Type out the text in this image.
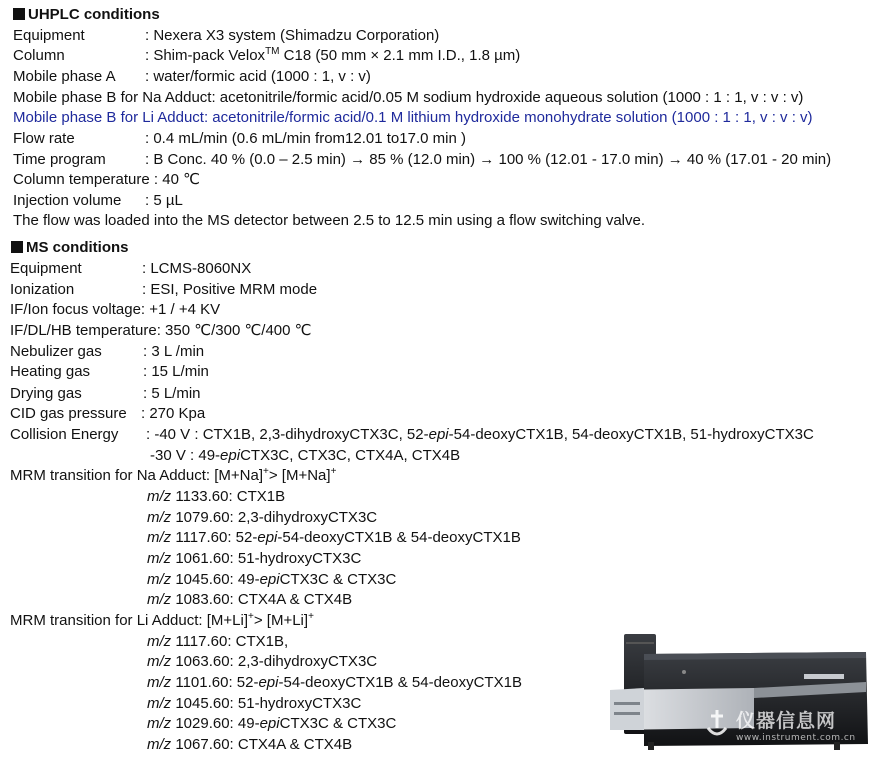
UHPLC conditions
Equipment	: Nexera X3 system (Shimadzu Corporation)
Column	: Shim-pack Velox™ C18 (50 mm × 2.1 mm I.D., 1.8 µm)
Mobile phase A : water/formic acid (1000 : 1, v : v)
Mobile phase B for Na Adduct: acetonitrile/formic acid/0.05 M sodium hydroxide aqueous solution (1000 : 1 : 1, v : v : v)
Mobile phase B for Li Adduct: acetonitrile/formic acid/0.1 M lithium hydroxide monohydrate solution (1000 : 1 : 1, v : v : v)
Flow rate	: 0.4 mL/min (0.6 mL/min from12.01 to17.0 min )
Time program	: B Conc. 40 % (0.0 – 2.5 min) → 85 % (12.0 min) → 100 % (12.01 - 17.0 min) → 40 % (17.01 - 20 min)
Column temperature : 40 ℃
Injection volume : 5 µL
The flow was loaded into the MS detector between 2.5 to 12.5 min using a flow switching valve.
MS conditions
Equipment	: LCMS-8060NX
Ionization	: ESI, Positive MRM mode
IF/Ion focus voltage: +1 / +4 KV
IF/DL/HB temperature: 350 ℃/300 ℃/400 ℃
Nebulizer gas	: 3 L /min
Heating gas	: 15 L/min
Drying gas	: 5 L/min
CID gas pressure : 270 Kpa
Collision Energy : -40 V : CTX1B, 2,3-dihydroxyCTX3C, 52-epi-54-deoxyCTX1B, 54-deoxyCTX1B, 51-hydroxyCTX3C
-30 V : 49-epiCTX3C, CTX3C, CTX4A, CTX4B
MRM transition for Na Adduct: [M+Na]+> [M+Na]+
m/z 1133.60: CTX1B
m/z 1079.60: 2,3-dihydroxyCTX3C
m/z 1117.60: 52-epi-54-deoxyCTX1B & 54-deoxyCTX1B
m/z 1061.60: 51-hydroxyCTX3C
m/z 1045.60: 49-epiCTX3C & CTX3C
m/z 1083.60: CTX4A & CTX4B
MRM transition for Li Adduct: [M+Li]+> [M+Li]+
m/z 1117.60: CTX1B,
m/z 1063.60: 2,3-dihydroxyCTX3C
m/z 1101.60: 52-epi-54-deoxyCTX1B & 54-deoxyCTX1B
m/z 1045.60: 51-hydroxyCTX3C
m/z 1029.60: 49-epiCTX3C & CTX3C
m/z 1067.60: CTX4A & CTX4B
仪器信息网
www.instrument.com.cn
